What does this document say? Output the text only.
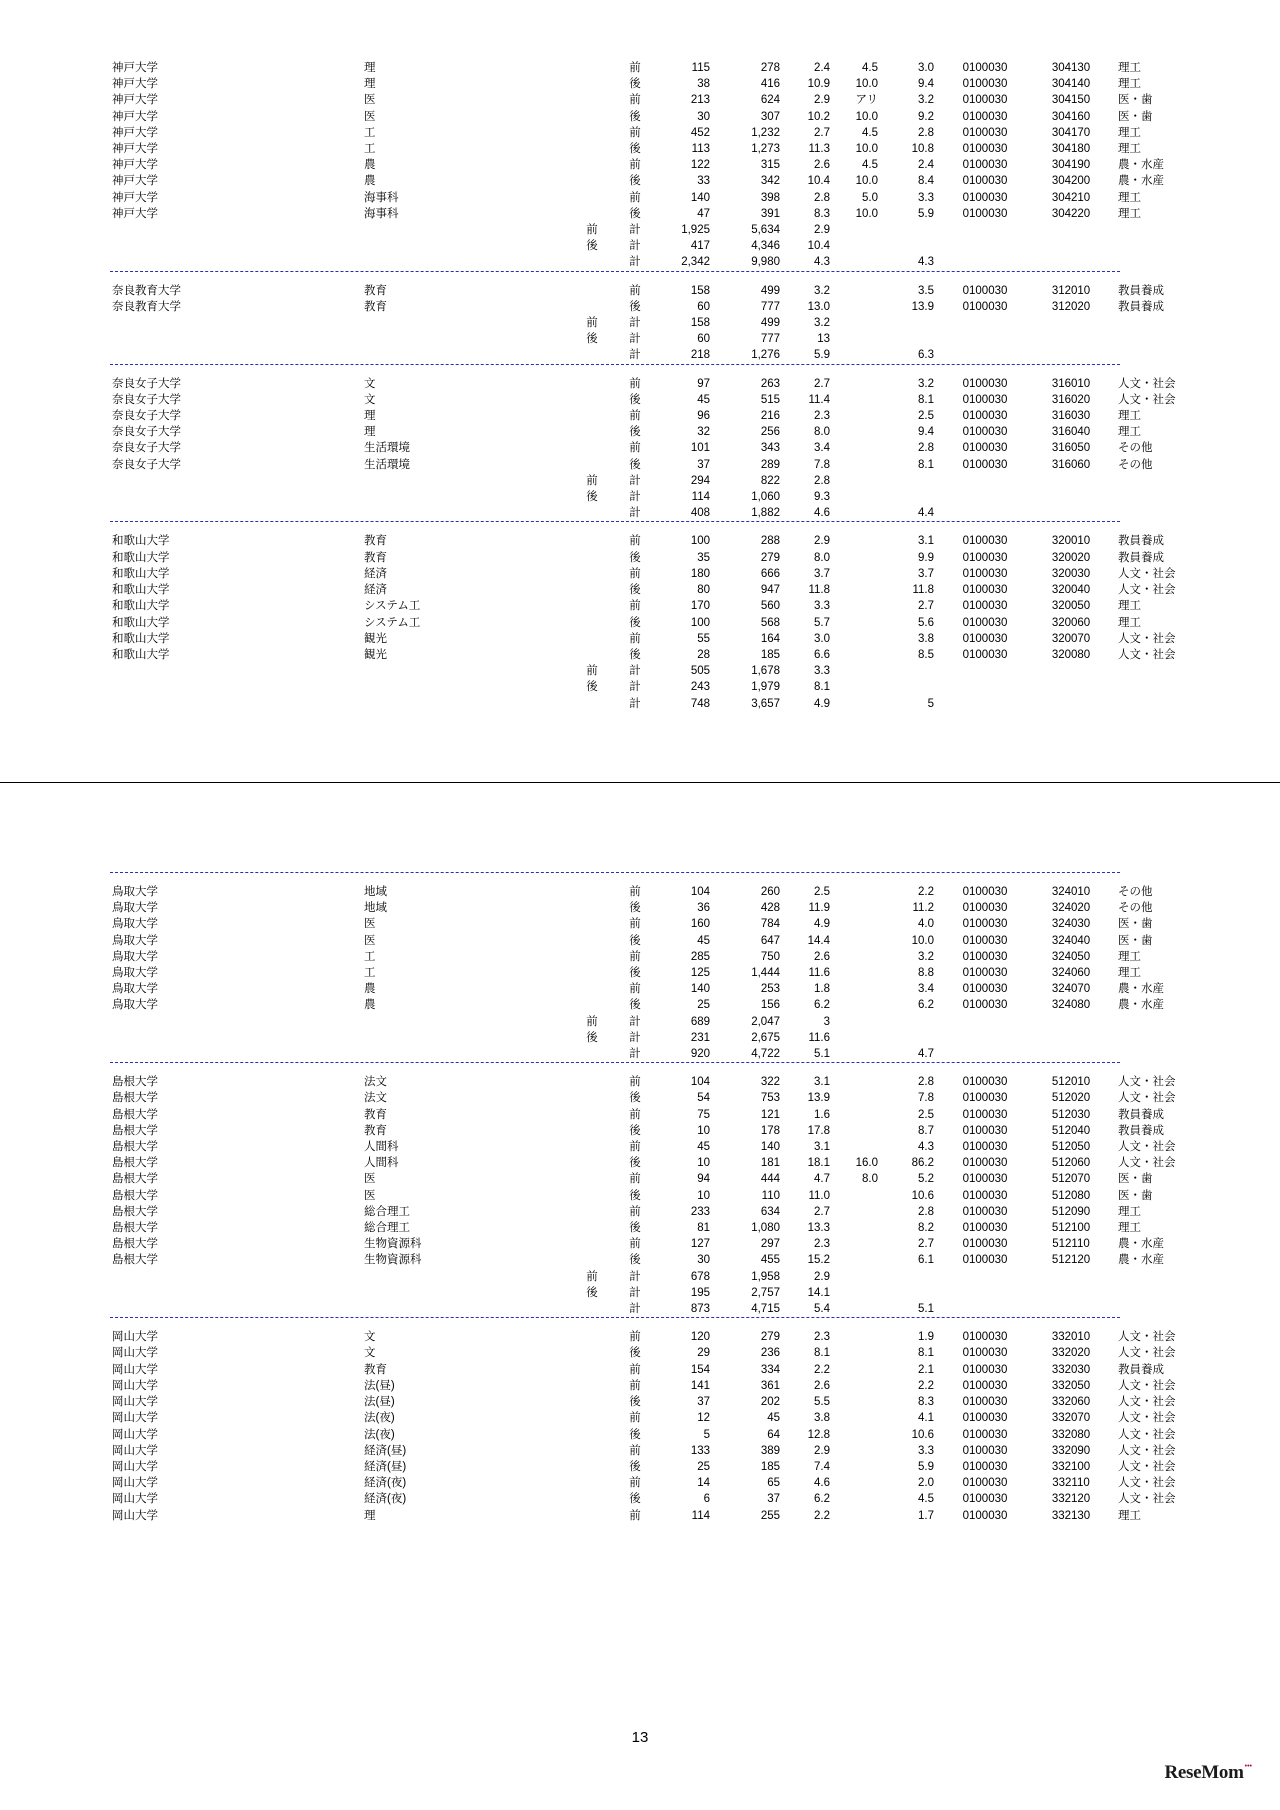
神戸大学	理		前	115	278	2.4	4.5	3.0	0100030	304130	理工
神戸大学	理		後	38	416	10.9	10.0	9.4	0100030	304140	理工
神戸大学	医		前	213	624	2.9	アリ	3.2	0100030	304150	医・歯
神戸大学	医		後	30	307	10.2	10.0	9.2	0100030	304160	医・歯
神戸大学	工		前	452	1,232	2.7	4.5	2.8	0100030	304170	理工
神戸大学	工		後	113	1,273	11.3	10.0	10.8	0100030	304180	理工
神戸大学	農		前	122	315	2.6	4.5	2.4	0100030	304190	農・水産
神戸大学	農		後	33	342	10.4	10.0	8.4	0100030	304200	農・水産
神戸大学	海事科		前	140	398	2.8	5.0	3.3	0100030	304210	理工
神戸大学	海事科		後	47	391	8.3	10.0	5.9	0100030	304220	理工
		前	計	1,925	5,634	2.9					
		後	計	417	4,346	10.4					
			計	2,342	9,980	4.3		4.3			
奈良教育大学	教育		前	158	499	3.2		3.5	0100030	312010	教員養成
奈良教育大学	教育		後	60	777	13.0		13.9	0100030	312020	教員養成
		前	計	158	499	3.2					
		後	計	60	777	13					
			計	218	1,276	5.9		6.3			
奈良女子大学	文		前	97	263	2.7		3.2	0100030	316010	人文・社会
奈良女子大学	文		後	45	515	11.4		8.1	0100030	316020	人文・社会
奈良女子大学	理		前	96	216	2.3		2.5	0100030	316030	理工
奈良女子大学	理		後	32	256	8.0		9.4	0100030	316040	理工
奈良女子大学	生活環境		前	101	343	3.4		2.8	0100030	316050	その他
奈良女子大学	生活環境		後	37	289	7.8		8.1	0100030	316060	その他
		前	計	294	822	2.8					
		後	計	114	1,060	9.3					
			計	408	1,882	4.6		4.4			
和歌山大学	教育		前	100	288	2.9		3.1	0100030	320010	教員養成
和歌山大学	教育		後	35	279	8.0		9.9	0100030	320020	教員養成
和歌山大学	経済		前	180	666	3.7		3.7	0100030	320030	人文・社会
和歌山大学	経済		後	80	947	11.8		11.8	0100030	320040	人文・社会
和歌山大学	システム工		前	170	560	3.3		2.7	0100030	320050	理工
和歌山大学	システム工		後	100	568	5.7		5.6	0100030	320060	理工
和歌山大学	観光		前	55	164	3.0		3.8	0100030	320070	人文・社会
和歌山大学	観光		後	28	185	6.6		8.5	0100030	320080	人文・社会
		前	計	505	1,678	3.3					
		後	計	243	1,979	8.1					
			計	748	3,657	4.9		5			
鳥取大学	地域		前	104	260	2.5		2.2	0100030	324010	その他
鳥取大学	地域		後	36	428	11.9		11.2	0100030	324020	その他
鳥取大学	医		前	160	784	4.9		4.0	0100030	324030	医・歯
鳥取大学	医		後	45	647	14.4		10.0	0100030	324040	医・歯
鳥取大学	工		前	285	750	2.6		3.2	0100030	324050	理工
鳥取大学	工		後	125	1,444	11.6		8.8	0100030	324060	理工
鳥取大学	農		前	140	253	1.8		3.4	0100030	324070	農・水産
鳥取大学	農		後	25	156	6.2		6.2	0100030	324080	農・水産
		前	計	689	2,047	3					
		後	計	231	2,675	11.6					
			計	920	4,722	5.1		4.7			
島根大学	法文		前	104	322	3.1		2.8	0100030	512010	人文・社会
島根大学	法文		後	54	753	13.9		7.8	0100030	512020	人文・社会
島根大学	教育		前	75	121	1.6		2.5	0100030	512030	教員養成
島根大学	教育		後	10	178	17.8		8.7	0100030	512040	教員養成
島根大学	人間科		前	45	140	3.1		4.3	0100030	512050	人文・社会
島根大学	人間科		後	10	181	18.1	16.0	86.2	0100030	512060	人文・社会
島根大学	医		前	94	444	4.7	8.0	5.2	0100030	512070	医・歯
島根大学	医		後	10	110	11.0		10.6	0100030	512080	医・歯
島根大学	総合理工		前	233	634	2.7		2.8	0100030	512090	理工
島根大学	総合理工		後	81	1,080	13.3		8.2	0100030	512100	理工
島根大学	生物資源科		前	127	297	2.3		2.7	0100030	512110	農・水産
島根大学	生物資源科		後	30	455	15.2		6.1	0100030	512120	農・水産
		前	計	678	1,958	2.9					
		後	計	195	2,757	14.1					
			計	873	4,715	5.4		5.1			
岡山大学	文		前	120	279	2.3		1.9	0100030	332010	人文・社会
岡山大学	文		後	29	236	8.1		8.1	0100030	332020	人文・社会
岡山大学	教育		前	154	334	2.2		2.1	0100030	332030	教員養成
岡山大学	法(昼)		前	141	361	2.6		2.2	0100030	332050	人文・社会
岡山大学	法(昼)		後	37	202	5.5		8.3	0100030	332060	人文・社会
岡山大学	法(夜)		前	12	45	3.8		4.1	0100030	332070	人文・社会
岡山大学	法(夜)		後	5	64	12.8		10.6	0100030	332080	人文・社会
岡山大学	経済(昼)		前	133	389	2.9		3.3	0100030	332090	人文・社会
岡山大学	経済(昼)		後	25	185	7.4		5.9	0100030	332100	人文・社会
岡山大学	経済(夜)		前	14	65	4.6		2.0	0100030	332110	人文・社会
岡山大学	経済(夜)		後	6	37	6.2		4.5	0100030	332120	人文・社会
岡山大学	理		前	114	255	2.2		1.7	0100030	332130	理工
13
ReseMom•••
